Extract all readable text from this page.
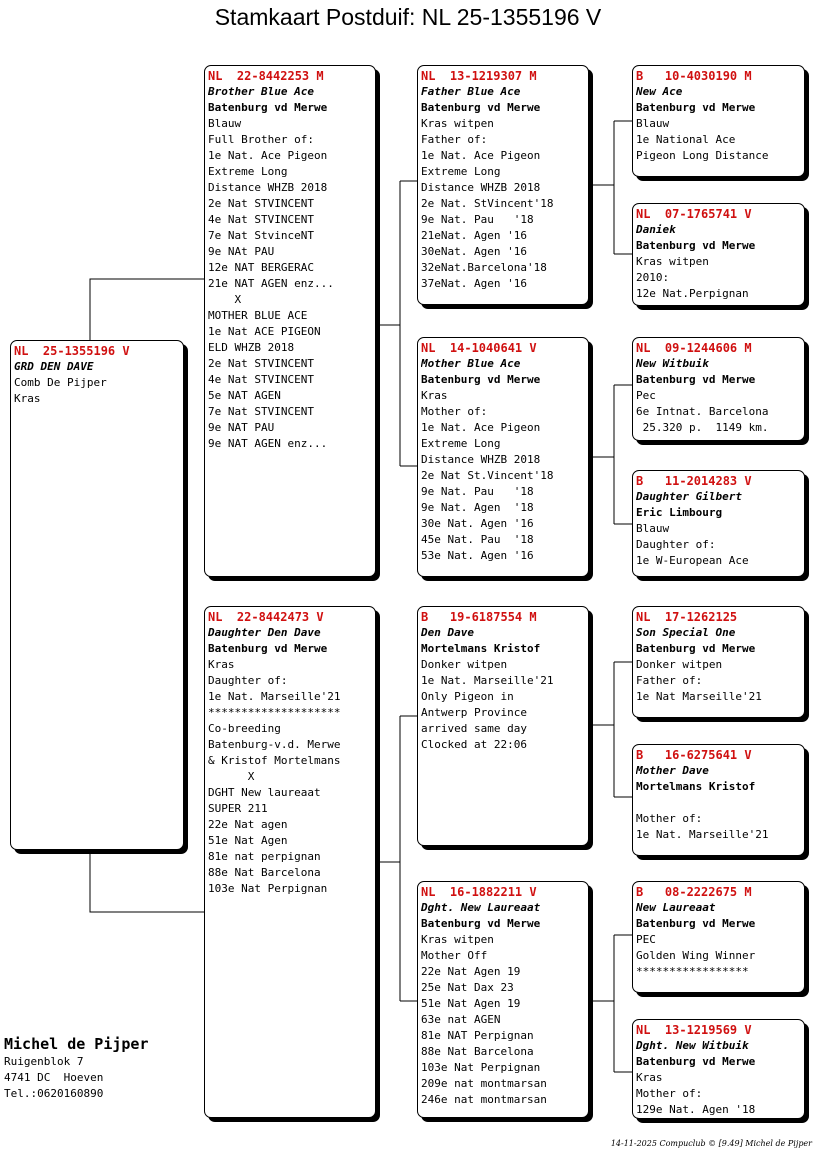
Stamkaart Postduif: NL 25-1355196 V
NL  25-1355196 V
GRD DEN DAVE
Comb De Pijper
Kras
NL  22-8442253 M
Brother Blue Ace
Batenburg vd Merwe
Blauw
Full Brother of:
1e Nat. Ace Pigeon
Extreme Long
Distance WHZB 2018
2e Nat STVINCENT
4e Nat STVINCENT
7e Nat StvinceNT
9e NAt PAU
12e NAT BERGERAC
21e NAT AGEN enz...
X
MOTHER BLUE ACE
1e Nat ACE PIGEON
ELD WHZB 2018
2e Nat STVINCENT
4e Nat STVINCENT
5e NAT AGEN
7e Nat STVINCENT
9e NAT PAU
9e NAT AGEN enz...
NL  22-8442473 V
Daughter Den Dave
Batenburg vd Merwe
Kras
Daughter of:
1e Nat. Marseille'21
********************
Co-breeding
Batenburg-v.d. Merwe
& Kristof Mortelmans
X
DGHT New laureaat
SUPER 211
22e Nat agen
51e Nat Agen
81e nat perpignan
88e Nat Barcelona
103e Nat Perpignan
NL  13-1219307 M
Father Blue Ace
Batenburg vd Merwe
Kras witpen
Father of:
1e Nat. Ace Pigeon
Extreme Long
Distance WHZB 2018
2e Nat. StVincent'18
9e Nat. Pau   '18
21eNat. Agen '16
30eNat. Agen '16
32eNat.Barcelona'18
37eNat. Agen '16
NL  14-1040641 V
Mother Blue Ace
Batenburg vd Merwe
Kras
Mother of:
1e Nat. Ace Pigeon
Extreme Long
Distance WHZB 2018
2e Nat St.Vincent'18
9e Nat. Pau   '18
9e Nat. Agen  '18
30e Nat. Agen '16
45e Nat. Pau  '18
53e Nat. Agen '16
B   19-6187554 M
Den Dave
Mortelmans Kristof
Donker witpen
1e Nat. Marseille'21
Only Pigeon in
Antwerp Province
arrived same day
Clocked at 22:06
NL  16-1882211 V
Dght. New Laureaat
Batenburg vd Merwe
Kras witpen
Mother Off
22e Nat Agen 19
25e Nat Dax 23
51e Nat Agen 19
63e nat AGEN
81e NAT Perpignan
88e Nat Barcelona
103e Nat Perpignan
209e nat montmarsan
246e nat montmarsan
B   10-4030190 M
New Ace
Batenburg vd Merwe
Blauw
1e National Ace
Pigeon Long Distance
NL  07-1765741 V
Daniek
Batenburg vd Merwe
Kras witpen
2010:
12e Nat.Perpignan
NL  09-1244606 M
New Witbuik
Batenburg vd Merwe
Pec
6e Intnat. Barcelona
25.320 p.  1149 km.
B   11-2014283 V
Daughter Gilbert
Eric Limbourg
Blauw
Daughter of:
1e W-European Ace
NL  17-1262125
Son Special One
Batenburg vd Merwe
Donker witpen
Father of:
1e Nat Marseille'21
B   16-6275641 V
Mother Dave
Mortelmans Kristof
Mother of:
1e Nat. Marseille'21
B   08-2222675 M
New Laureaat
Batenburg vd Merwe
PEC
Golden Wing Winner
*****************
NL  13-1219569 V
Dght. New Witbuik
Batenburg vd Merwe
Kras
Mother of:
129e Nat. Agen '18
Michel de Pijper
Ruigenblok 7
4741 DC  Hoeven
Tel.:0620160890
14-11-2025 Compuclub © [9.49] Michel de Pijper
